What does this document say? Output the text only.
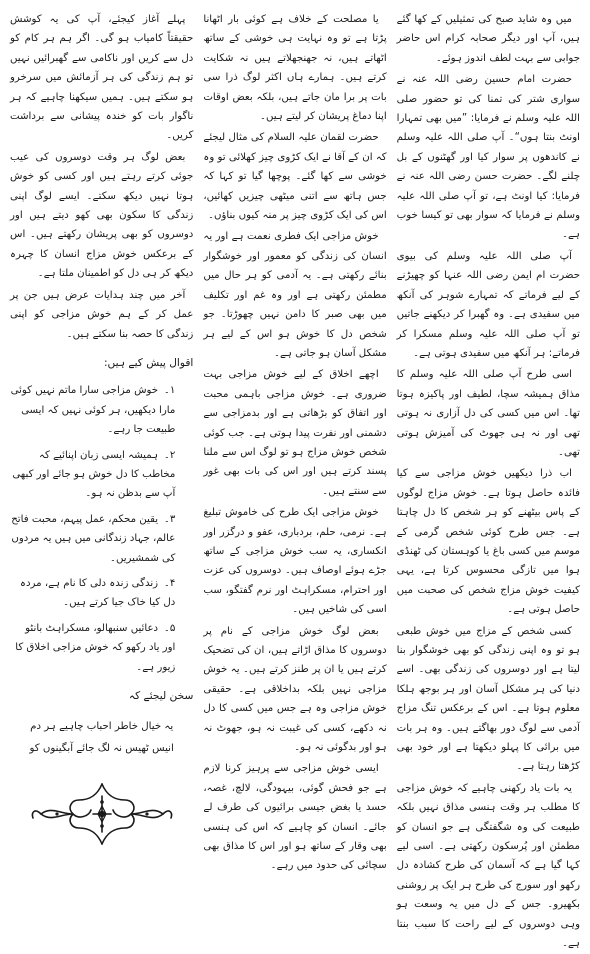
میں وہ شاید صبح کی تمثیلیں کے کھا گئے ہیں، آپ اور دیگر صحابہ کرام اس حاضر جوابی سے بہت لطف اندوز ہوئے۔

حضرت امام حسین رضی اللہ عنہ نے سواری شتر کی تمنا کی تو حضور صلی اللہ علیہ وسلم نے فرمایا: ”میں بھی تمہارا اونٹ بنتا ہوں“۔ آپ صلی اللہ علیہ وسلم نے کاندھوں پر سوار کیا اور گھٹنوں کے بل چلنے لگے۔ حضرت حسن رضی اللہ عنہ نے فرمایا: کیا اونٹ ہے، تو آپ صلی اللہ علیہ وسلم نے فرمایا کہ سوار بھی تو کیسا خوب ہے۔

آپ صلی اللہ علیہ وسلم کی بیوی حضرت ام ایمن رضی اللہ عنہا کو چھیڑنے کے لیے فرماتے کہ تمہارے شوہر کی آنکھ میں سفیدی ہے۔ وہ گھبرا کر دیکھنے جاتیں تو آپ صلی اللہ علیہ وسلم مسکرا کر فرماتے: ہر آنکھ میں سفیدی ہوتی ہے۔

اسی طرح آپ صلی اللہ علیہ وسلم کا مذاق ہمیشہ سچا، لطیف اور پاکیزہ ہوتا تھا۔ اس میں کسی کی دل آزاری نہ ہوتی تھی اور نہ ہی جھوٹ کی آمیزش ہوتی تھی۔

اب ذرا دیکھیں خوش مزاجی سے کیا فائدہ حاصل ہوتا ہے۔ خوش مزاج لوگوں کے پاس بیٹھنے کو ہر شخص کا دل چاہتا ہے۔ جس طرح کوئی شخص گرمی کے موسم میں کسی باغ یا کوہستان کی ٹھنڈی ہوا میں تازگی محسوس کرتا ہے، یہی کیفیت خوش مزاج شخص کی صحبت میں حاصل ہوتی ہے۔

کسی شخص کے مزاج میں خوش طبعی ہو تو وہ اپنی زندگی کو بھی خوشگوار بنا لیتا ہے اور دوسروں کی زندگی بھی۔ اسے دنیا کی ہر مشکل آسان اور ہر بوجھ ہلکا معلوم ہوتا ہے۔ اس کے برعکس تنگ مزاج آدمی سے لوگ دور بھاگتے ہیں۔ وہ ہر بات میں برائی کا پہلو دیکھتا ہے اور خود بھی کڑھتا رہتا ہے۔

یہ بات یاد رکھنی چاہیے کہ خوش مزاجی کا مطلب ہر وقت ہنسی مذاق نہیں بلکہ طبیعت کی وہ شگفتگی ہے جو انسان کو مطمئن اور پُرسکون رکھتی ہے۔ اسی لیے کہا گیا ہے کہ آسمان کی طرح کشادہ دل رکھو اور سورج کی طرح ہر ایک پر روشنی بکھیرو۔ جس کے دل میں یہ وسعت ہو وہی دوسروں کے لیے راحت کا سبب بنتا ہے۔

یا مصلحت کے خلاف ہے کوئی بار اٹھانا پڑتا ہے تو وہ نہایت ہی خوشی کے ساتھ اٹھاتے ہیں، نہ جھنجھلاتے ہیں نہ شکایت کرتے ہیں۔ ہمارے ہاں اکثر لوگ ذرا سی بات پر برا مان جاتے ہیں، بلکہ بعض اوقات اپنا دماغ پریشان کر لیتے ہیں۔

حضرت لقمان علیہ السلام کی مثال لیجئے کہ ان کے آقا نے ایک کڑوی چیز کھلائی تو وہ خوشی سے کھا گئے۔ پوچھا گیا تو کہا کہ جس ہاتھ سے اتنی میٹھی چیزیں کھائیں، اس کی ایک کڑوی چیز پر منہ کیوں بناؤں۔

خوش مزاجی ایک فطری نعمت ہے اور یہ انسان کی زندگی کو معمور اور خوشگوار بنائے رکھتی ہے۔ یہ آدمی کو ہر حال میں مطمئن رکھتی ہے اور وہ غم اور تکلیف میں بھی صبر کا دامن نہیں چھوڑتا۔ جو شخص دل کا خوش ہو اس کے لیے ہر مشکل آسان ہو جاتی ہے۔

اچھے اخلاق کے لیے خوش مزاجی بہت ضروری ہے۔ خوش مزاجی باہمی محبت اور اتفاق کو بڑھاتی ہے اور بدمزاجی سے دشمنی اور نفرت پیدا ہوتی ہے۔ جب کوئی شخص خوش مزاج ہو تو لوگ اس سے ملنا پسند کرتے ہیں اور اس کی بات بھی غور سے سنتے ہیں۔

خوش مزاجی ایک طرح کی خاموش تبلیغ ہے۔ نرمی، حلم، بردباری، عفو و درگزر اور انکساری، یہ سب خوش مزاجی کے ساتھ جڑے ہوئے اوصاف ہیں۔ دوسروں کی عزت اور احترام، مسکراہٹ اور نرم گفتگو، سب اسی کی شاخیں ہیں۔

بعض لوگ خوش مزاجی کے نام پر دوسروں کا مذاق اڑاتے ہیں، ان کی تضحیک کرتے ہیں یا ان پر طنز کرتے ہیں۔ یہ خوش مزاجی نہیں بلکہ بداخلاقی ہے۔ حقیقی خوش مزاجی وہ ہے جس میں کسی کا دل نہ دکھے، کسی کی غیبت نہ ہو، جھوٹ نہ ہو اور بدگوئی نہ ہو۔

ایسی خوش مزاجی سے پرہیز کرنا لازم ہے جو فحش گوئی، بیہودگی، لالچ، غصہ، حسد یا بغض جیسی برائیوں کی طرف لے جائے۔ انسان کو چاہیے کہ اس کی ہنسی بھی وقار کے ساتھ ہو اور اس کا مذاق بھی سچائی کی حدود میں رہے۔

پہلے آغاز کیجئے، آپ کی یہ کوشش حقیقتاً کامیاب ہو گی۔ اگر ہم ہر کام کو دل سے کریں اور ناکامی سے گھبرائیں نہیں تو ہم زندگی کی ہر آزمائش میں سرخرو ہو سکتے ہیں۔ ہمیں سیکھنا چاہیے کہ ہر ناگوار بات کو خندہ پیشانی سے برداشت کریں۔

بعض لوگ ہر وقت دوسروں کی عیب جوئی کرتے رہتے ہیں اور کسی کو خوش ہوتا نہیں دیکھ سکتے۔ ایسے لوگ اپنی زندگی کا سکون بھی کھو دیتے ہیں اور دوسروں کو بھی پریشان رکھتے ہیں۔ اس کے برعکس خوش مزاج انسان کا چہرہ دیکھ کر ہی دل کو اطمینان ملتا ہے۔

آخر میں چند ہدایات عرض ہیں جن پر عمل کر کے ہم خوش مزاجی کو اپنی زندگی کا حصہ بنا سکتے ہیں۔

اقوال پیش کیے ہیں:
۱۔ خوش مزاجی سارا ماتم نہیں کوئی مارا دیکھیں، ہر کوئی نہیں کہ ایسی طبیعت جا رہے۔
۲۔ ہمیشہ ایسی زبان اپنائیے کہ مخاطب کا دل خوش ہو جائے اور کبھی آپ سے بدظن نہ ہو۔
۳۔ یقین محکم، عمل پیہم، محبت فاتح عالم، جہاد زندگانی میں ہیں یہ مردوں کی شمشیریں۔
۴۔ زندگی زندہ دلی کا نام ہے، مردہ دل کیا خاک جیا کرتے ہیں۔
۵۔ دعائیں سنبھالو، مسکراہٹ بانٹو اور یاد رکھو کہ خوش مزاجی اخلاق کا زیور ہے۔
سخن لیجئے کہ
یہ خیال خاطر احباب چاہیے ہر دم
انیس ٹھیس نہ لگ جائے آبگینوں کو
